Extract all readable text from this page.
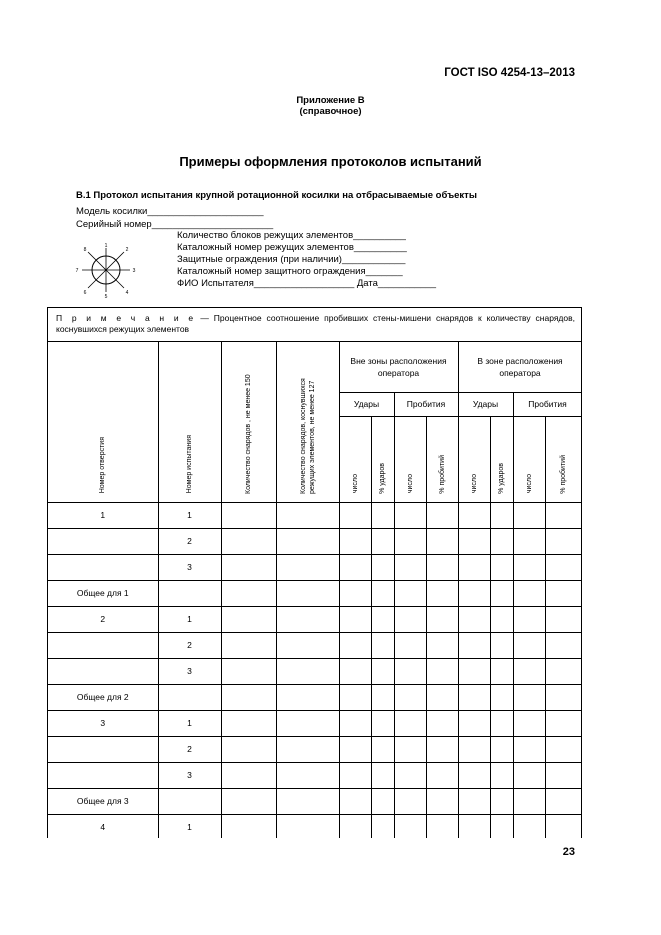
ГОСТ ISO 4254-13–2013
Приложение В
(справочное)
Примеры оформления протоколов испытаний
В.1 Протокол испытания крупной ротационной косилки на отбрасываемые объекты
Модель косилки______________________
Серийный номер_______________________
Количество блоков режущих элементов__________
Каталожный номер режущих элементов__________
Защитные ограждения (при наличии)____________
Каталожный номер защитного ограждения_______
ФИО Испытателя___________________ Дата___________
1
2
3
4
5
6
7
8
П р и м е ч а н и е — Процентное соотношение пробивших стены-мишени снарядов к количеству снарядов, коснувшихся режущих элементов
Номер отверстия	Номер испытания	Количество снарядов , не менее 150	Количество снарядов, коснувшихся режущих элементов, не менее 127	Вне зоны расположения оператора				В зоне расположения оператора			
				Удары		Пробития		Удары		Пробития	
				число	% ударов	число	% пробитий	число	% ударов	число	% пробитий
1	1										
	2										
	3										
Общее для 1											
2	1										
	2										
	3										
Общее для 2											
3	1										
	2										
	3										
Общее для 3											
4	1										
23
